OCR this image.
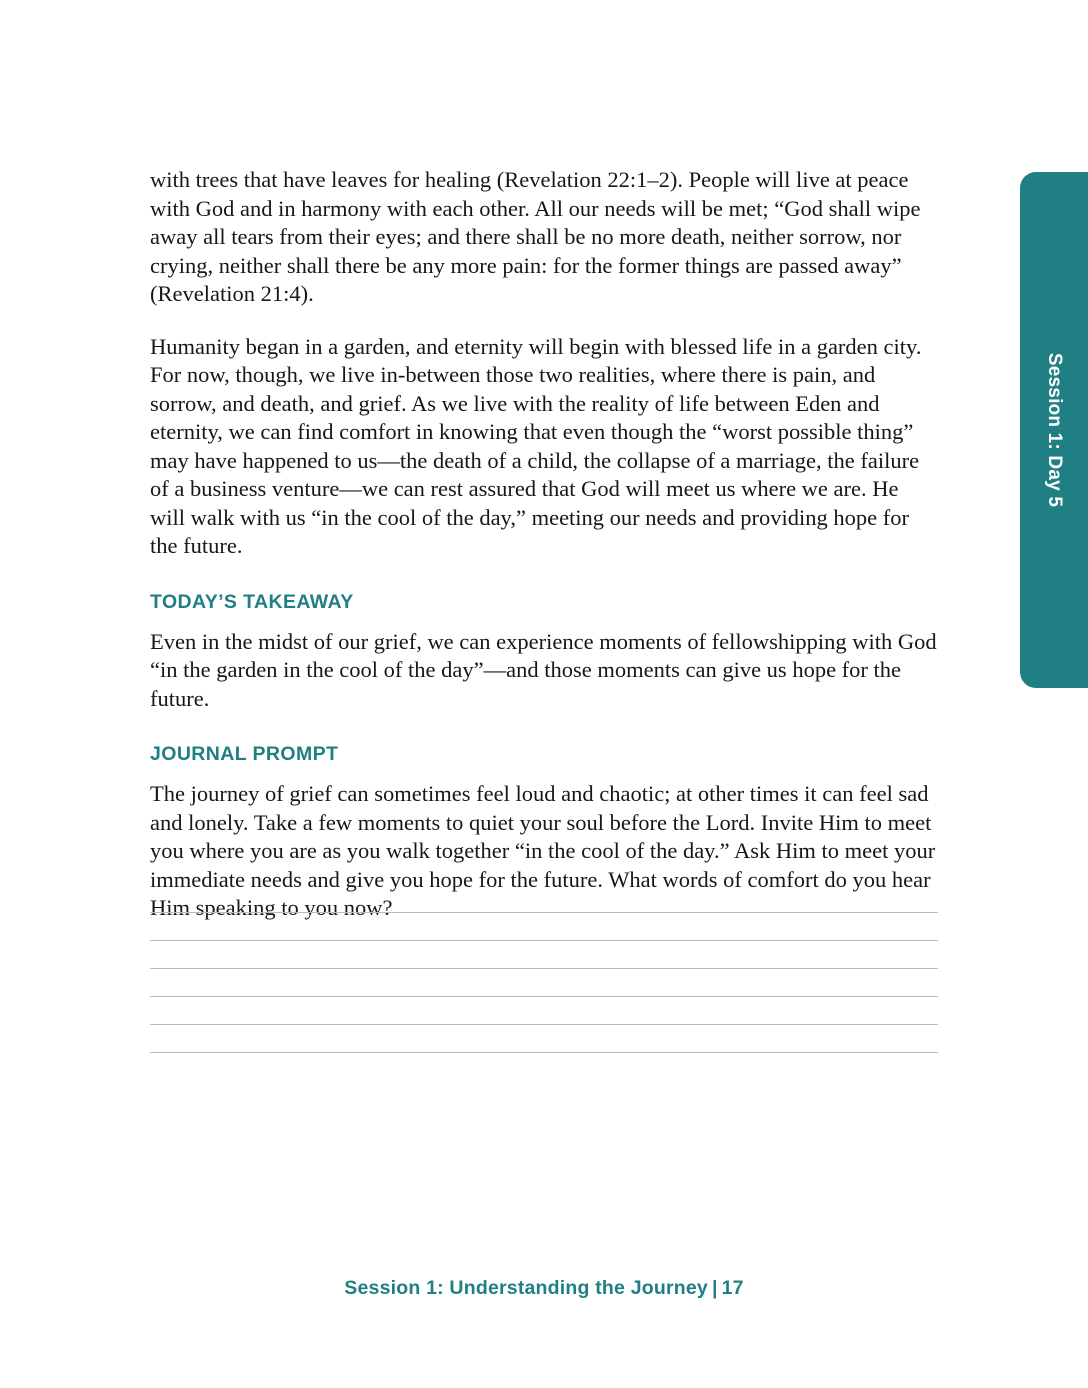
Session 1: Day 5

with trees that have leaves for healing (Revelation 22:1–2). People will live at peace with God and in harmony with each other. All our needs will be met; “God shall wipe away all tears from their eyes; and there shall be no more death, neither sorrow, nor crying, neither shall there be any more pain: for the former things are passed away” (Revelation 21:4).

Humanity began in a garden, and eternity will begin with blessed life in a garden city. For now, though, we live in-between those two realities, where there is pain, and sorrow, and death, and grief. As we live with the reality of life between Eden and eternity, we can find comfort in knowing that even though the “worst possible thing” may have happened to us—the death of a child, the collapse of a marriage, the failure of a business venture—we can rest assured that God will meet us where we are. He will walk with us “in the cool of the day,” meeting our needs and providing hope for the future.

TODAY’S TAKEAWAY

Even in the midst of our grief, we can experience moments of fellowshipping with God “in the garden in the cool of the day”—and those moments can give us hope for the future.

JOURNAL PROMPT

The journey of grief can sometimes feel loud and chaotic; at other times it can feel sad and lonely. Take a few moments to quiet your soul before the Lord. Invite Him to meet you where you are as you walk together “in the cool of the day.” Ask Him to meet your immediate needs and give you hope for the future. What words of comfort do you hear Him speaking to you now?

Session 1: Understanding the Journey | 17
